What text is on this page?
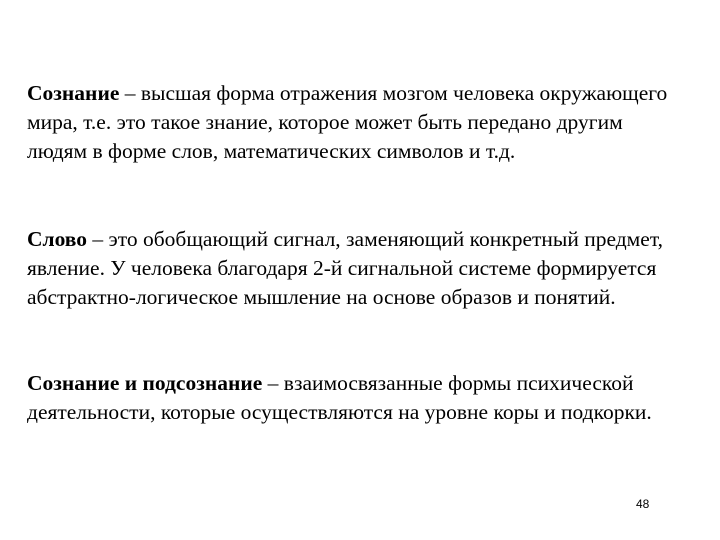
Сознание – высшая форма отражения мозгом человека окружающего мира, т.е. это такое знание, которое может быть передано другим людям в форме слов, математических символов и т.д.

Слово – это обобщающий сигнал, заменяющий конкретный предмет, явление. У человека благодаря 2-й сигнальной системе формируется абстрактно-логическое мышление на основе образов и понятий.

Сознание и подсознание – взаимосвязанные формы психической деятельности, которые осуществляются на уровне коры и подкорки.

48
